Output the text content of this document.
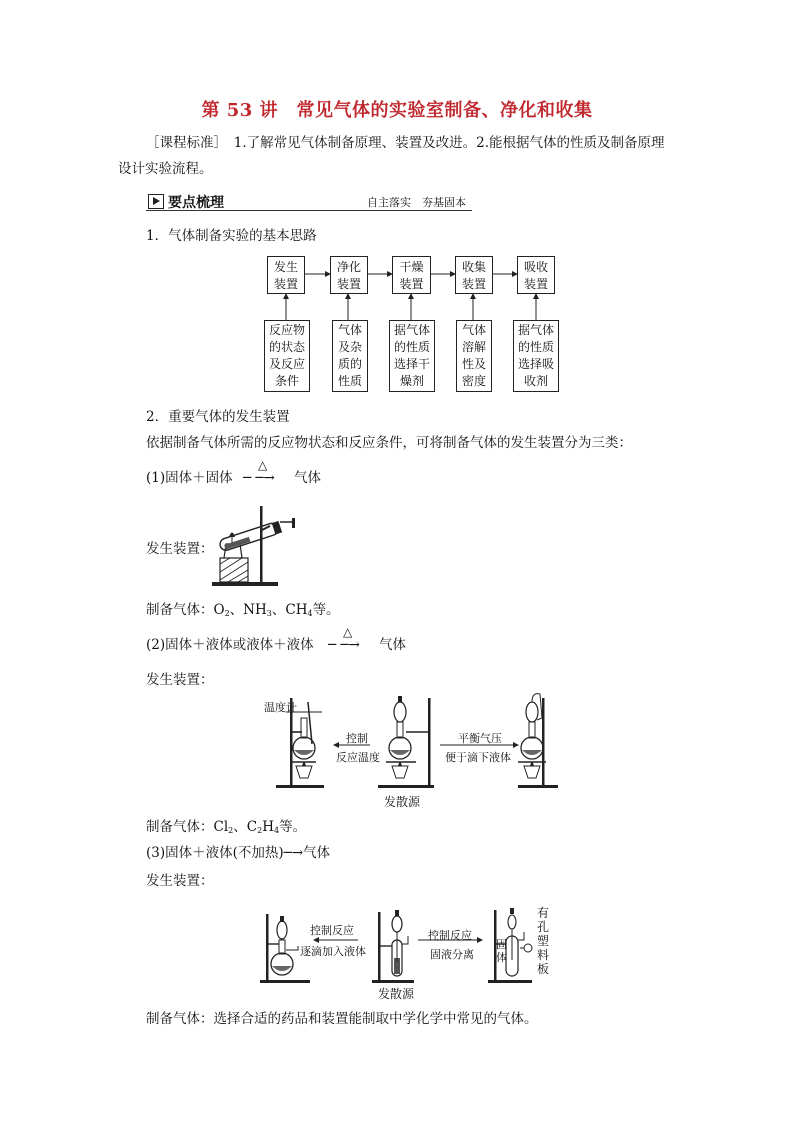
第 53 讲　常见气体的实验室制备、净化和收集
［课程标准］　1.了解常见气体制备原理、装置及改进。2.能根据气体的性质及制备原理
设计实验流程。
要点梳理	自主落实　夯基固本
1．气体制备实验的基本思路
发生
装置
净化
装置
干燥
装置
收集
装置
吸收
装置
反应物
的状态
及反应
条件
气体
及杂
质的
性质
据气体
的性质
选择干
燥剂
气体
溶解
性及
密度
据气体
的性质
选择吸
收剂
2．重要气体的发生装置
依据制备气体所需的反应物状态和反应条件，可将制备气体的发生装置分为三类：
(1)固体＋固体
△
─ ─→ 气体
发生装置：
制备气体：$O_2$、$NH_3$、$CH_4$等。
(2)固体＋液体或液体＋液体
△
─ ─→ 气体
发生装置：
温度计
控制
反应温度
平衡气压
便于滴下液体
发散源
制备气体：$Cl_2$、$C_2H_4$等。
(3)固体＋液体(不加热)─→气体
发生装置：
控制反应
逐滴加入液体
控制反应
固液分离
固
体
有
孔
塑
料
板
发散源
制备气体：选择合适的药品和装置能制取中学化学中常见的气体。
